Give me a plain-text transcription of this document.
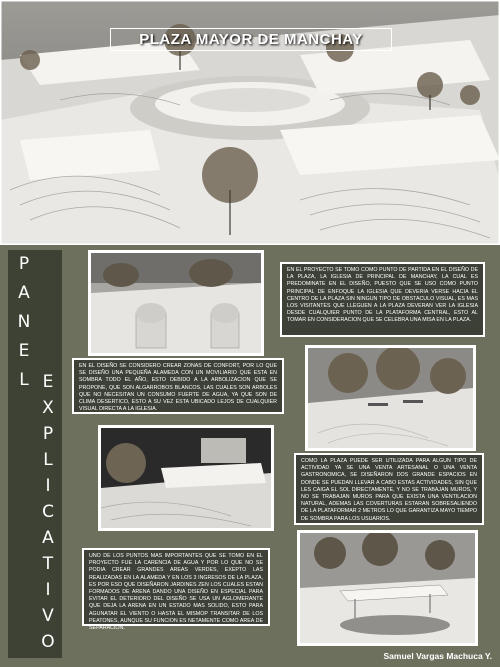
PLAZA MAYOR DE MANCHAY
P
A
N
E
L E
X
P
L
I
C
A
T
I
V
O
EN EL PROYECTO SE TOMO COMO PUNTO DE PARTIDA EN EL DISEÑO DE LA PLAZA, LA IGLESIA DE PRINCIPAL DE MANCHAY, LA CUAL ES PREDOMINATE EN EL DISEÑO, PUESTO QUE SE USO COMO PUNTO PRINCIPAL DE ENFOQUE LA IGLESIA QUE DEVERIA VERSE HACIA EL CENTRO DE LA PLAZA SIN NINGUN TIPO DE OBSTACULO VISUAL, ES MAS LOS VISITANTES QUE LLEGUEN A LA PLAZA DEVERAN VER LA IGLESIA DESDE CUALQUIER PUNTO DE LA PLATAFORMA CENTRAL, ESTO AL TOMAR EN CONSIDERACION QUE SE CELEBRA UNA MISA EN LA PLAZA.
EN EL DISEÑO SE CONSIDERO CREAR ZONAS DE CONFORT, POR LO QUE SE DISEÑO UNA PEQUEÑA ALAMEDA CON UN MOVILIARIO QUE ESTA EN SOMBRA TODO EL AÑO, ESTO DEBIDO A LA ARBOLIZACION QUE SE PROPONE, QUE SON ALGARROBOS BLANCOS, LAS CUALES SON ARBOLES QUE NO NECESITAN UN CONSUMO FUERTE DE AGUA, YA QUE SON DE CLIMA DESERTICO, ESTO A SU VEZ ESTA UBICADO LEJOS DE CUALQUIER VISUAL DIRECTA A LA IGLESIA.
COMO LA PLAZA PUEDE SER UTILIZADA PARA ALGUN TIPO DE ACTIVIDAD YA SE UNA VENTA ARTESANAL O UNA VENTA GASTRONOMICA, SE DISEÑARON DOS GRANDE ESPACIOS EN DONDE SE PUEDAN LLEVAR A CABO ESTAS ACTIVIDADES, SIN QUE LES CAIGA EL SOL DIRECTAMENTE, Y NO SE TRABAJAN MUROS, Y NO SE TRABAJAN MUROS PARA QUE EXISTA UNA VENTILACION NATURAL, ADEMAS LAS COVERTURAS ESTARAN SOBRESALIENDO DE LA PLATAFORMAR 2 METROS LO QUE GARANTIZA MAYO TIEMPO DE SOMBRA PARA LOS USUARIOS.
UNO DE LOS PUNTOS MAS IMPORTANTES QUE SE TOMO EN EL PROYECTO FUE LA CARENCIA DE AGUA Y POR LO QUE NO SE PODIA CREAR GRANDES AREAS VERDES, EXEPTO LAS REALIZADAS EN LA ALAMEDA Y EN LOS 3 INGRESOS DE LA PLAZA, ES POR ESO QUE DISEÑARON JARDINES ZEN LOS CUALES ESTAN FORMADOS DE ARENA DANDO UNA DISEÑO EN ESPECIAL PARA EVITAR EL DETERIORO DEL DISEÑO SE USA UN AGLOMERANTE QUE DEJA LA ARENA EN UN ESTADO MAS SOLIDO, ESTO PARA AGUNATAR EL VIENTO O HASTA EL MISMOP TRANSITAR DE LOS PEATONES, AUNQUE SU FUNCION ES NETAMENTE COMO AREA DE SEPARACION.
Samuel Vargas Machuca Y.
